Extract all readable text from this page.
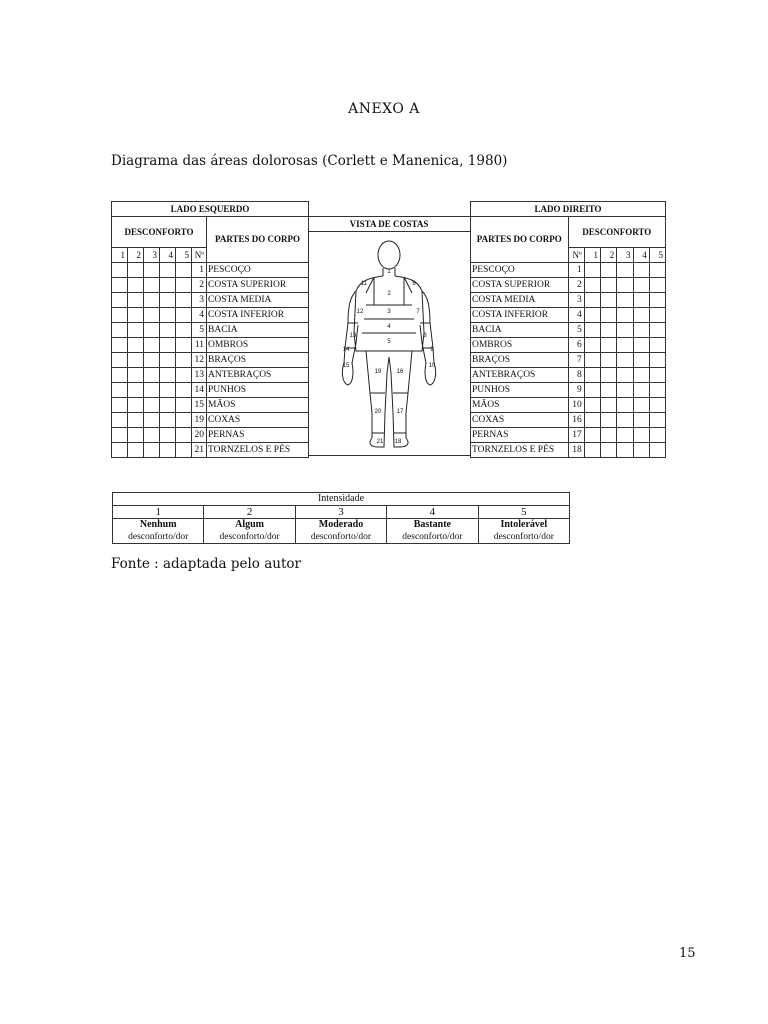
ANEXO A
Diagrama das áreas dolorosas (Corlett e Manenica, 1980)
LADO ESQUERDO						
DESCONFORTO						PARTES DO CORPO
1	2	3	4	5	Nº	
					1	PESCOÇO
					2	COSTA SUPERIOR
					3	COSTA MEDIA
					4	COSTA INFERIOR
					5	BACIA
					11	OMBROS
					12	BRAÇOS
					13	ANTEBRAÇOS
					14	PUNHOS
					15	MÃOS
					19	COXAS
					20	PERNAS
					21	TORNZELOS E PÉS
VISTA DE COSTAS
1
2
3
4
5
6
7
8
9
10
11
12
13
14
15
16
17
18
19
20
21
LADO DIREITO						
PARTES DO CORPO	DESCONFORTO					
	Nº	1	2	3	4	5
PESCOÇO	1					
COSTA SUPERIOR	2					
COSTA MEDIA	3					
COSTA INFERIOR	4					
BACIA	5					
OMBROS	6					
BRAÇOS	7					
ANTEBRAÇOS	8					
PUNHOS	9					
MÃOS	10					
COXAS	16					
PERNAS	17					
TORNZELOS E PÉS	18					
Intensidade				
1	2	3	4	5
Nenhum	Algum	Moderado	Bastante	Intolerável
desconforto/dor	desconforto/dor	desconforto/dor	desconforto/dor	desconforto/dor
Fonte : adaptada pelo autor
15
